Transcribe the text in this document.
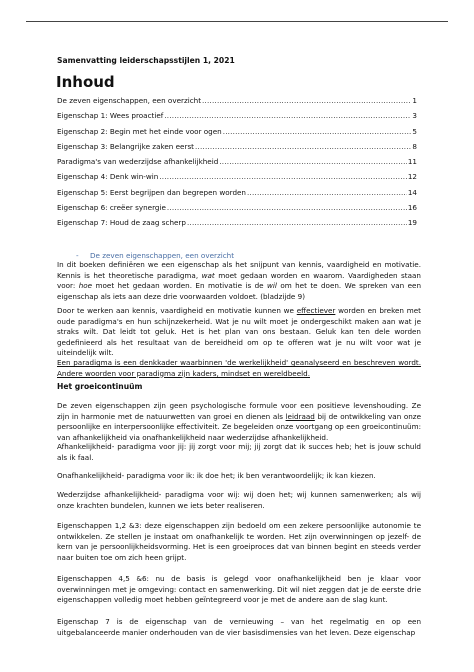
Samenvatting leiderschapsstijlen 1, 2021
Inhoud
De zeven eigenschappen, een overzicht .....	1
Eigenschap 1: Wees proactief .....	3
Eigenschap 2: Begin met het einde voor ogen .....	5
Eigenschap 3: Belangrijke zaken eerst .....	8
Paradigma's van wederzijdse afhankelijkheid .....	11
Eigenschap 4: Denk win-win .....	12
Eigenschap 5: Eerst begrijpen dan begrepen worden .....	14
Eigenschap 6: creëer synergie .....	16
Eigenschap 7: Houd de zaag scherp .....	19
- De zeven eigenschappen, een overzicht

In dit boeken definiëren we een eigenschap als het snijpunt van kennis, vaardigheid en motivatie. Kennis is het theoretische paradigma, wat moet gedaan worden en waarom. Vaardigheden staan voor: hoe moet het gedaan worden. En motivatie is de wil om het te doen. We spreken van een eigenschap als iets aan deze drie voorwaarden voldoet. (bladzijde 9)

Door te werken aan kennis, vaardigheid en motivatie kunnen we effectiever worden en breken met oude paradigma's en hun schijnzekerheid. Wat je nu wilt moet je ondergeschikt maken aan wat je straks wilt. Dat leidt tot geluk. Het is het plan van ons bestaan. Geluk kan ten dele worden gedefinieerd als het resultaat van de bereidheid om op te offeren wat je nu wilt voor wat je uiteindelijk wilt.

Een paradigma is een denkkader waarbinnen 'de werkelijkheid' geanalyseerd en beschreven wordt. Andere woorden voor paradigma zijn kaders, mindset en wereldbeeld.

Het groeicontinuüm

De zeven eigenschappen zijn geen psychologische formule voor een positieve levenshouding. Ze zijn in harmonie met de natuurwetten van groei en dienen als leidraad bij de ontwikkeling van onze persoonlijke en interpersoonlijke effectiviteit. Ze begeleiden onze voortgang op een groeicontinuüm: van afhankelijkheid via onafhankelijkheid naar wederzijdse afhankelijkheid.

Afhankelijkheid- paradigma voor jij: jij zorgt voor mij; jij zorgt dat ik succes heb; het is jouw schuld als ik faal.

Onafhankelijkheid- paradigma voor ik: ik doe het; ik ben verantwoordelijk; ik kan kiezen.

Wederzijdse afhankelijkheid- paradigma voor wij: wij doen het; wij kunnen samenwerken; als wij onze krachten bundelen, kunnen we iets beter realiseren.

Eigenschappen 1,2 &3: deze eigenschappen zijn bedoeld om een zekere persoonlijke autonomie te ontwikkelen. Ze stellen je instaat om onafhankelijk te worden. Het zijn overwinningen op jezelf- de kern van je persoonlijkheidsvorming. Het is een groeiproces dat van binnen begint en steeds verder naar buiten toe om zich heen grijpt.

Eigenschappen 4,5 &6: nu de basis is gelegd voor onafhankelijkheid ben je klaar voor overwinningen met je omgeving: contact en samenwerking. Dit wil niet zeggen dat je de eerste drie eigenschappen volledig moet hebben geïntegreerd voor je met de andere aan de slag kunt.

Eigenschap 7 is de eigenschap van de vernieuwing – van het regelmatig en op een uitgebalanceerde manier onderhouden van de vier basisdimensies van het leven. Deze eigenschap
